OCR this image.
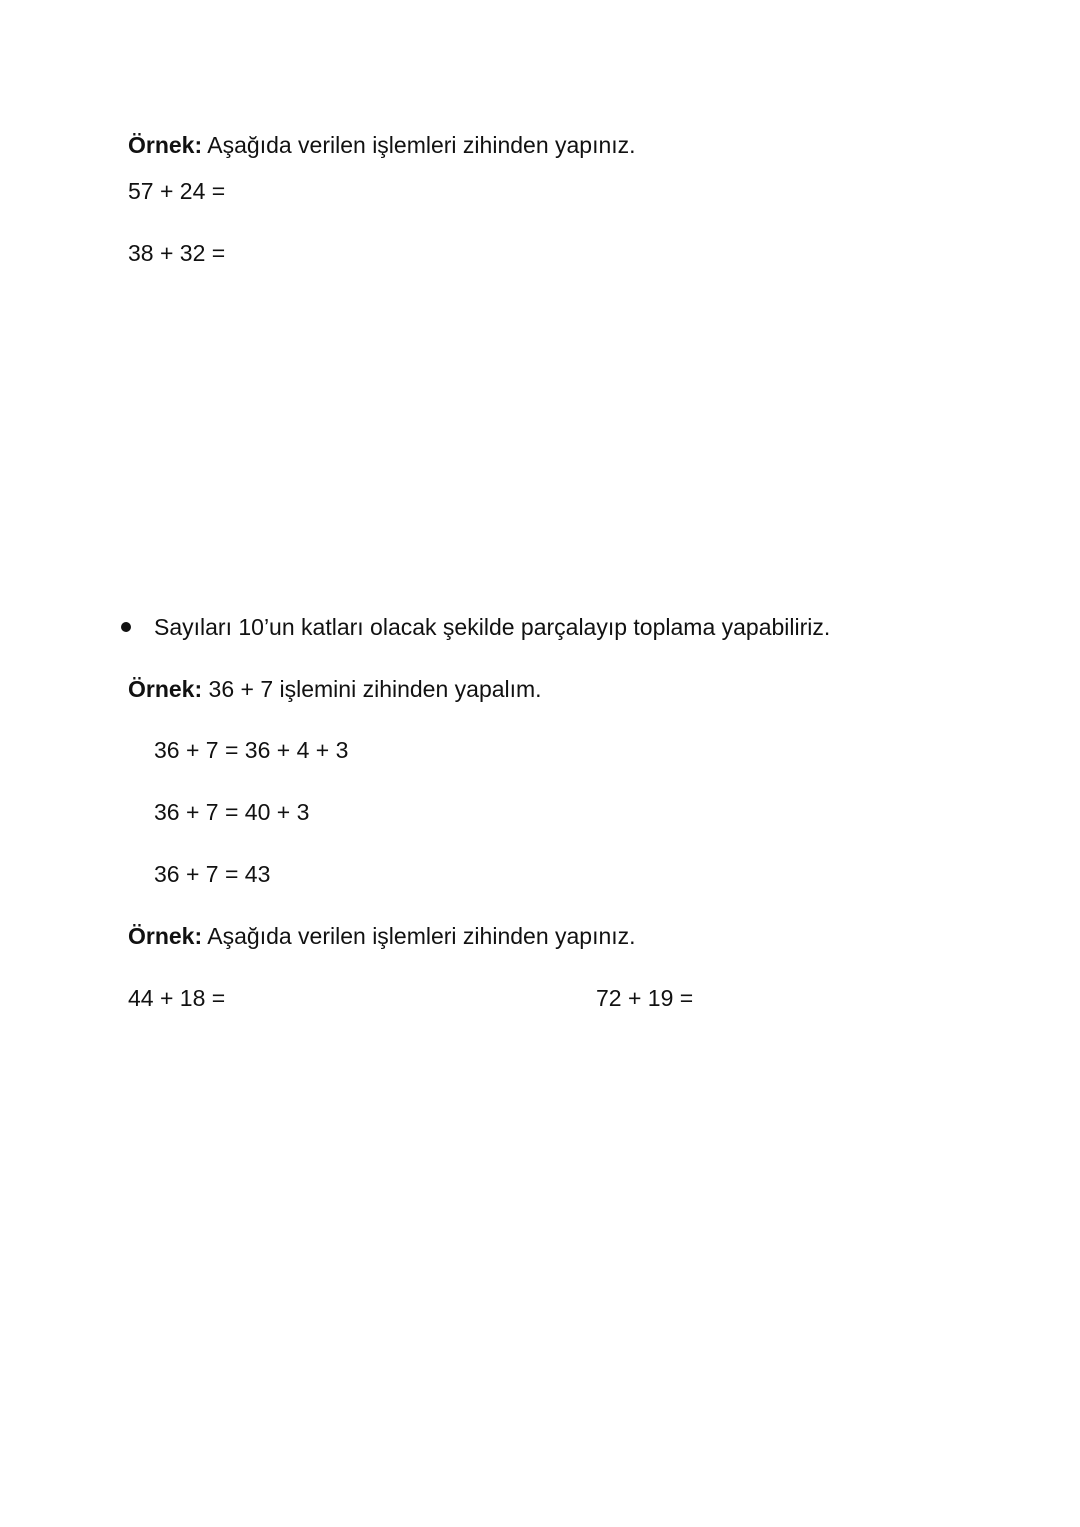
Örnek: Aşağıda verilen işlemleri zihinden yapınız.
57 + 24 =
38 + 32 =
Sayıları 10’un katları olacak şekilde parçalayıp toplama yapabiliriz.
Örnek: 36 + 7 işlemini zihinden yapalım.
36 + 7 = 36 + 4 + 3
36 + 7 = 40 + 3
36 + 7 = 43
Örnek: Aşağıda verilen işlemleri zihinden yapınız.
44 + 18 =	72 + 19 =
